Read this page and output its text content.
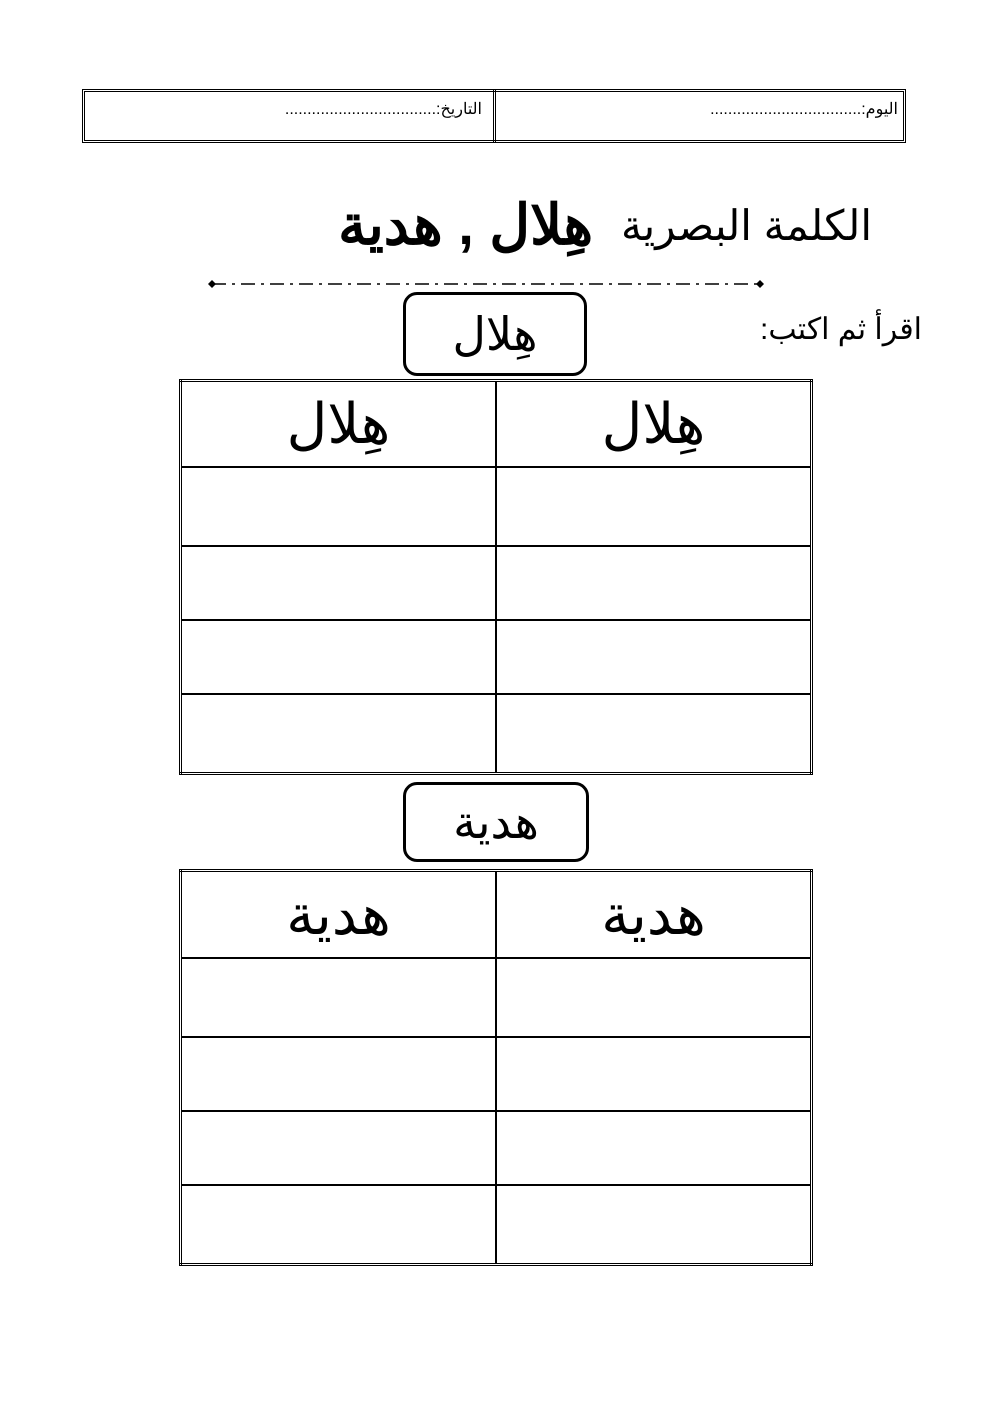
اليوم:..................................
التاريخ:..................................
الكلمة البصرية
هِلال , هدية
اقرأ ثم اكتب:
هِلال
هِلال	هِلال

هدية
هدية	هدية
